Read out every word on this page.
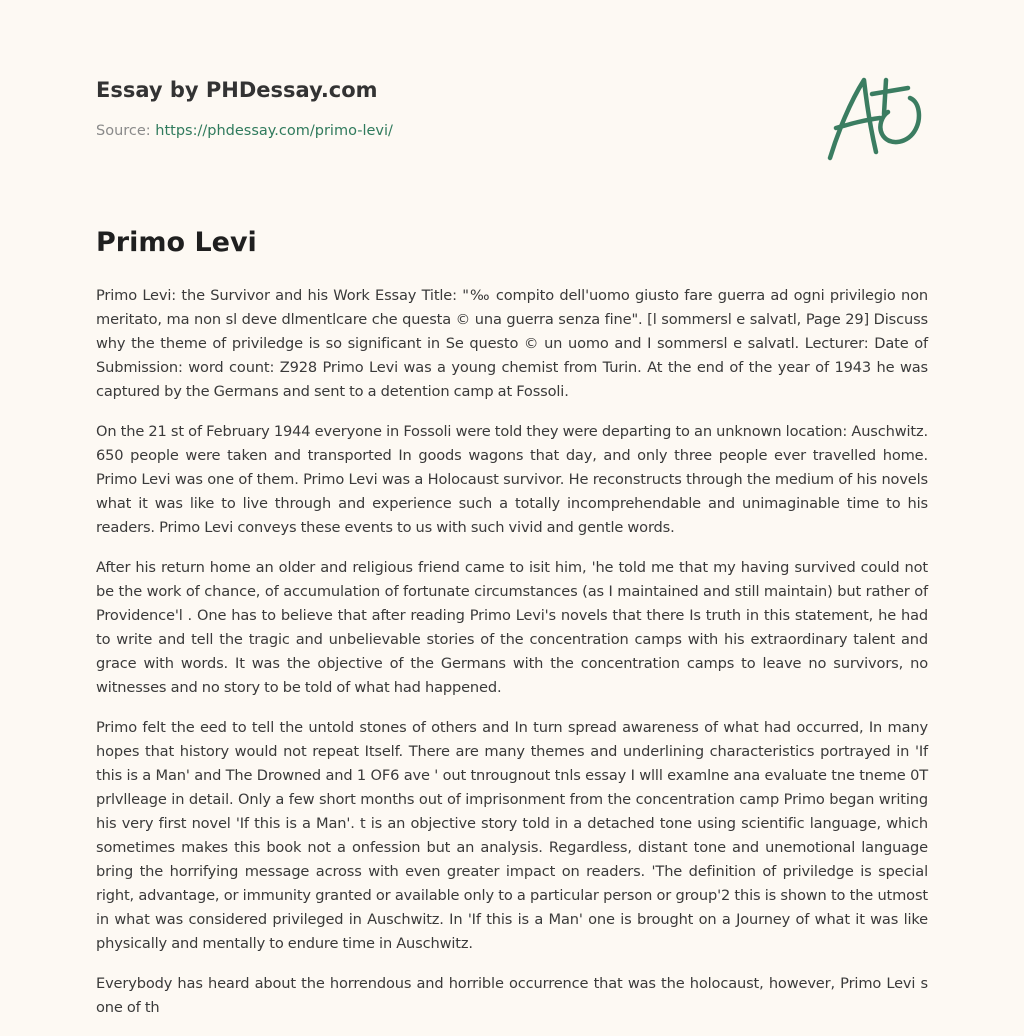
Essay by PHDessay.com
Source: https://phdessay.com/primo-levi/
Primo Levi

Primo Levi: the Survivor and his Work Essay Title: "‰ compito dell'uomo giusto fare guerra ad ogni privilegio non meritato, ma non sl deve dlmentlcare che questa © una guerra senza fine". [l sommersl e salvatl, Page 29] Discuss why the theme of priviledge is so significant in Se questo © un uomo and I sommersl e salvatl. Lecturer: Date of Submission: word count: Z928 Primo Levi was a young chemist from Turin. At the end of the year of 1943 he was captured by the Germans and sent to a detention camp at Fossoli.

On the 21 st of February 1944 everyone in Fossoli were told they were departing to an unknown location: Auschwitz. 650 people were taken and transported In goods wagons that day, and only three people ever travelled home. Primo Levi was one of them. Primo Levi was a Holocaust survivor. He reconstructs through the medium of his novels what it was like to live through and experience such a totally incomprehendable and unimaginable time to his readers. Primo Levi conveys these events to us with such vivid and gentle words.

After his return home an older and religious friend came to isit him, 'he told me that my having survived could not be the work of chance, of accumulation of fortunate circumstances (as I maintained and still maintain) but rather of Providence'l . One has to believe that after reading Primo Levi's novels that there Is truth in this statement, he had to write and tell the tragic and unbelievable stories of the concentration camps with his extraordinary talent and grace with words. It was the objective of the Germans with the concentration camps to leave no survivors, no witnesses and no story to be told of what had happened.

Primo felt the eed to tell the untold stones of others and In turn spread awareness of what had occurred, In many hopes that history would not repeat Itself. There are many themes and underlining characteristics portrayed in 'If this is a Man' and The Drowned and 1 OF6 ave ' out tnrougnout tnls essay I wlll examlne ana evaluate tne tneme 0T prlvlleage in detail. Only a few short months out of imprisonment from the concentration camp Primo began writing his very first novel 'If this is a Man'. t is an objective story told in a detached tone using scientific language, which sometimes makes this book not a onfession but an analysis. Regardless, distant tone and unemotional language bring the horrifying message across with even greater impact on readers. 'The definition of priviledge is special right, advantage, or immunity granted or available only to a particular person or group'2 this is shown to the utmost in what was considered privileged in Auschwitz. In 'If this is a Man' one is brought on a Journey of what it was like physically and mentally to endure time in Auschwitz.

Everybody has heard about the horrendous and horrible occurrence that was the holocaust, however, Primo Levi s one of th
